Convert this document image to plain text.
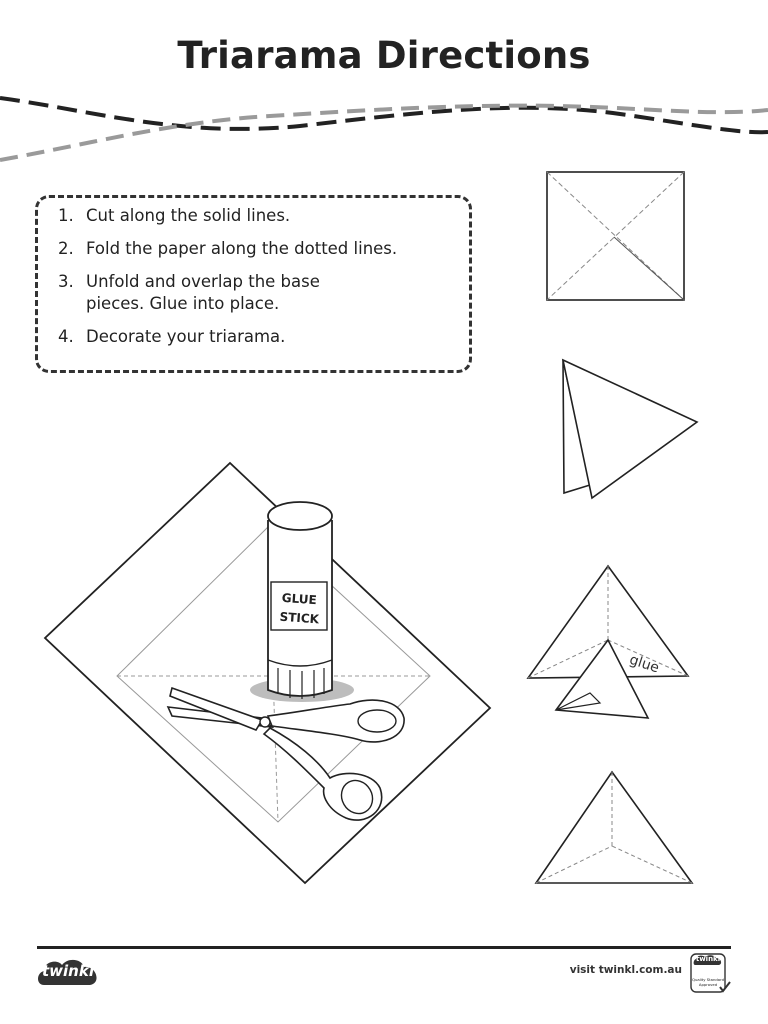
Triarama Directions
1. Cut along the solid lines.
2. Fold the paper along the dotted lines.
3. Unfold and overlap the base
pieces. Glue into place.
4. Decorate your triarama.
glue
GLUE
STICK
twinkl	visit twinkl.com.au
twinkl
Quality Standard
Approved
